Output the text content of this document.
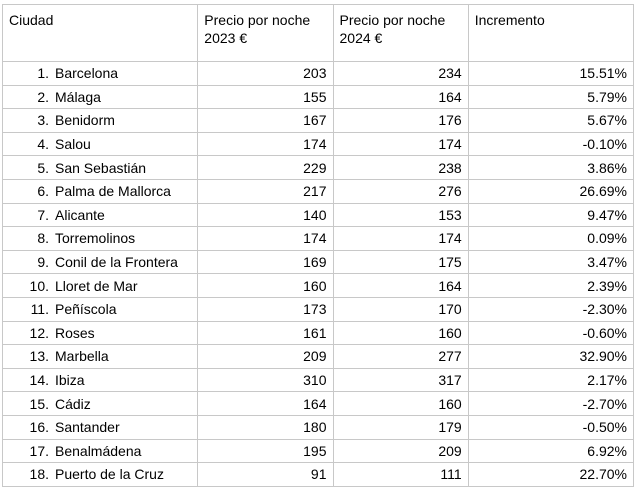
Ciudad	Precio por noche 2023 €	Precio por noche 2024 €	Incremento
1. Barcelona	203	234	15.51%
2. Málaga	155	164	5.79%
3. Benidorm	167	176	5.67%
4. Salou	174	174	-0.10%
5. San Sebastián	229	238	3.86%
6. Palma de Mallorca	217	276	26.69%
7. Alicante	140	153	9.47%
8. Torremolinos	174	174	0.09%
9. Conil de la Frontera	169	175	3.47%
10. Lloret de Mar	160	164	2.39%
11. Peñíscola	173	170	-2.30%
12. Roses	161	160	-0.60%
13. Marbella	209	277	32.90%
14. Ibiza	310	317	2.17%
15. Cádiz	164	160	-2.70%
16. Santander	180	179	-0.50%
17. Benalmádena	195	209	6.92%
18. Puerto de la Cruz	91	111	22.70%
